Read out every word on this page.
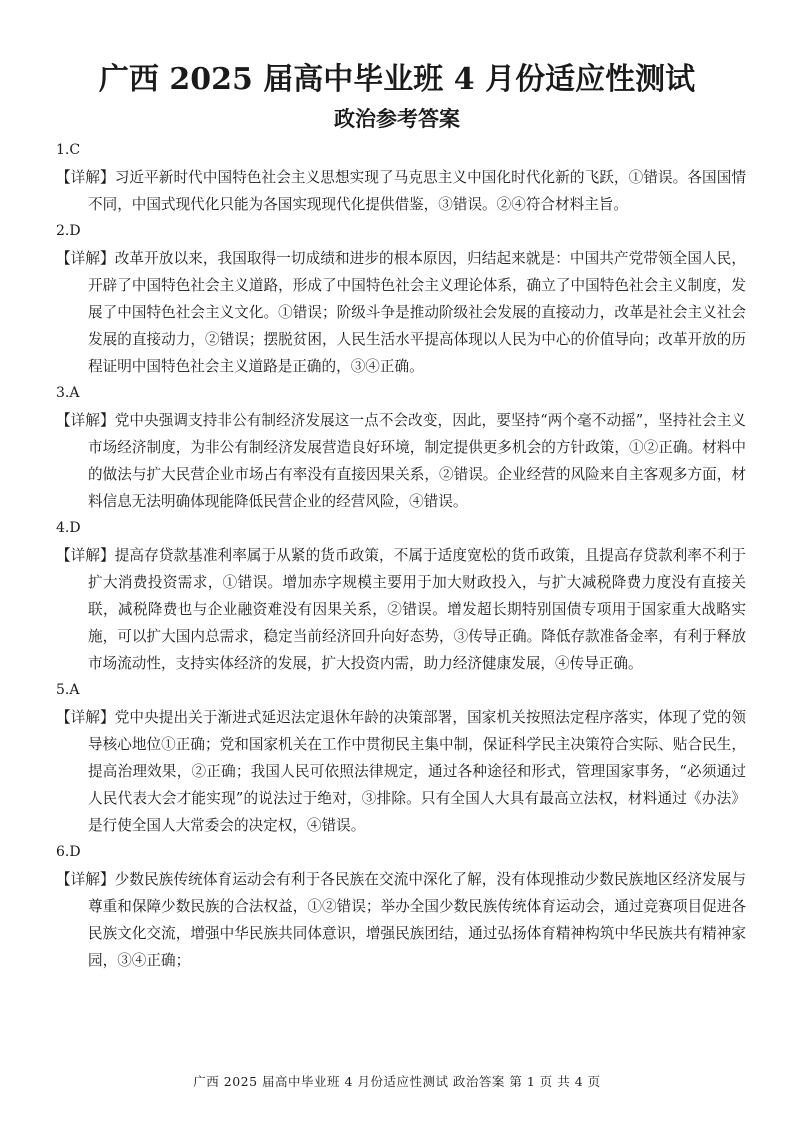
广西 2025 届高中毕业班 4 月份适应性测试
政治参考答案
1.C
【详解】习近平新时代中国特色社会主义思想实现了马克思主义中国化时代化新的飞跃，①错误。各国国情不同，中国式现代化只能为各国实现现代化提供借鉴，③错误。②④符合材料主旨。
2.D
【详解】改革开放以来，我国取得一切成绩和进步的根本原因，归结起来就是：中国共产党带领全国人民，开辟了中国特色社会主义道路，形成了中国特色社会主义理论体系，确立了中国特色社会主义制度，发展了中国特色社会主义文化。①错误；阶级斗争是推动阶级社会发展的直接动力，改革是社会主义社会发展的直接动力，②错误；摆脱贫困，人民生活水平提高体现以人民为中心的价值导向；改革开放的历程证明中国特色社会主义道路是正确的，③④正确。
3.A
【详解】党中央强调支持非公有制经济发展这一点不会改变，因此，要坚持“两个毫不动摇”，坚持社会主义市场经济制度，为非公有制经济发展营造良好环境，制定提供更多机会的方针政策，①②正确。材料中的做法与扩大民营企业市场占有率没有直接因果关系，②错误。企业经营的风险来自主客观多方面，材料信息无法明确体现能降低民营企业的经营风险，④错误。
4.D
【详解】提高存贷款基准利率属于从紧的货币政策，不属于适度宽松的货币政策，且提高存贷款利率不利于扩大消费投资需求，①错误。增加赤字规模主要用于加大财政投入，与扩大减税降费力度没有直接关联，减税降费也与企业融资难没有因果关系，②错误。增发超长期特别国债专项用于国家重大战略实施，可以扩大国内总需求，稳定当前经济回升向好态势，③传导正确。降低存款准备金率，有利于释放市场流动性，支持实体经济的发展，扩大投资内需，助力经济健康发展，④传导正确。
5.A
【详解】党中央提出关于渐进式延迟法定退休年龄的决策部署，国家机关按照法定程序落实，体现了党的领导核心地位①正确；党和国家机关在工作中贯彻民主集中制，保证科学民主决策符合实际、贴合民生，提高治理效果，②正确；我国人民可依照法律规定，通过各种途径和形式，管理国家事务，“必须通过人民代表大会才能实现”的说法过于绝对，③排除。只有全国人大具有最高立法权，材料通过《办法》是行使全国人大常委会的决定权，④错误。
6.D
【详解】少数民族传统体育运动会有利于各民族在交流中深化了解，没有体现推动少数民族地区经济发展与尊重和保障少数民族的合法权益，①②错误；举办全国少数民族传统体育运动会，通过竞赛项目促进各民族文化交流，增强中华民族共同体意识，增强民族团结，通过弘扬体育精神构筑中华民族共有精神家园，③④正确；
广西 2025 届高中毕业班 4 月份适应性测试 政治答案 第 1 页 共 4 页
